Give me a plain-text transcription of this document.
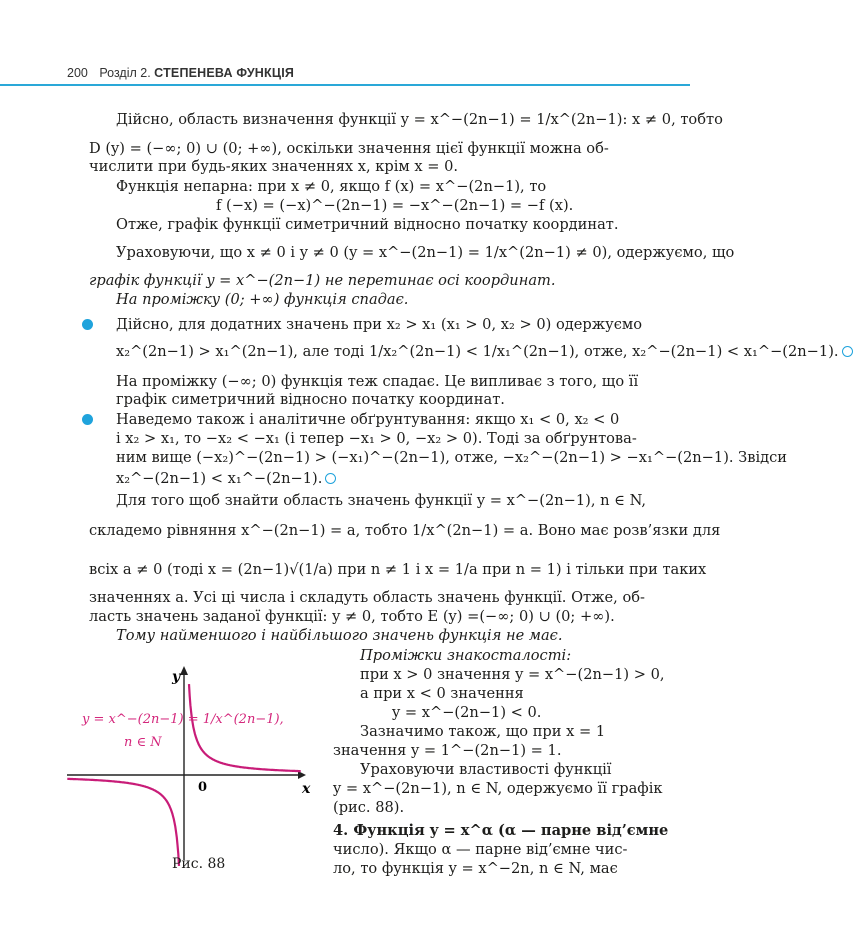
200 Розділ 2. СТЕПЕНЕВА ФУНКЦІЯ
Дійсно, область визначення функції y = x^−(2n−1) = 1/x^(2n−1): x ≠ 0, тобто
D (y) = (−∞; 0) ∪ (0; +∞), оскільки значення цієї функції можна об-
числити при будь-яких значеннях x, крім x = 0.
Функція непарна: при x ≠ 0, якщо f (x) = x^−(2n−1), то
f (−x) = (−x)^−(2n−1) = −x^−(2n−1) = −f (x).
Отже, графік функції симетричний відносно початку координат.
Ураховуючи, що x ≠ 0 і y ≠ 0 (y = x^−(2n−1) = 1/x^(2n−1) ≠ 0), одержуємо, що
графік функції y = x^−(2n−1) не перетинає осі координат.
На проміжку (0; +∞) функція спадає.
Дійсно, для додатних значень при x₂ > x₁ (x₁ > 0, x₂ > 0) одержуємо
x₂^(2n−1) > x₁^(2n−1), але тоді 1/x₂^(2n−1) < 1/x₁^(2n−1), отже, x₂^−(2n−1) < x₁^−(2n−1).
На проміжку (−∞; 0) функція теж спадає. Це випливає з того, що її
графік симетричний відносно початку координат.
Наведемо також і аналітичне обґрунтування: якщо x₁ < 0, x₂ < 0
і x₂ > x₁, то −x₂ < −x₁ (і тепер −x₁ > 0, −x₂ > 0). Тоді за обґрунтова-
ним вище (−x₂)^−(2n−1) > (−x₁)^−(2n−1), отже, −x₂^−(2n−1) > −x₁^−(2n−1). Звідси
x₂^−(2n−1) < x₁^−(2n−1).
Для того щоб знайти область значень функції y = x^−(2n−1), n ∈ N,
складемо рівняння x^−(2n−1) = a, тобто 1/x^(2n−1) = a. Воно має розв’язки для
всіх a ≠ 0 (тоді x = (2n−1)√(1/a) при n ≠ 1 і x = 1/a при n = 1) і тільки при таких
значеннях a. Усі ці числа і складуть область значень функції. Отже, об-
ласть значень заданої функції: y ≠ 0, тобто E (y) =(−∞; 0) ∪ (0; +∞).
Тому найменшого і найбільшого значень функція не має.
Проміжки знакосталості:
при x > 0 значення y = x^−(2n−1) > 0,
а при x < 0 значення
y = x^−(2n−1) < 0.
Зазначимо також, що при x = 1
значення y = 1^−(2n−1) = 1.
Ураховуючи властивості функції
y = x^−(2n−1), n ∈ N, одержуємо її графік
(рис. 88).
4. Функція y = x^α (α — парне від’ємне
число). Якщо α — парне від’ємне чис-
ло, то функція y = x^−2n, n ∈ N, має
y
x
0
y = x^−(2n−1) = 1/x^(2n−1),
n ∈ N
Рис. 88
